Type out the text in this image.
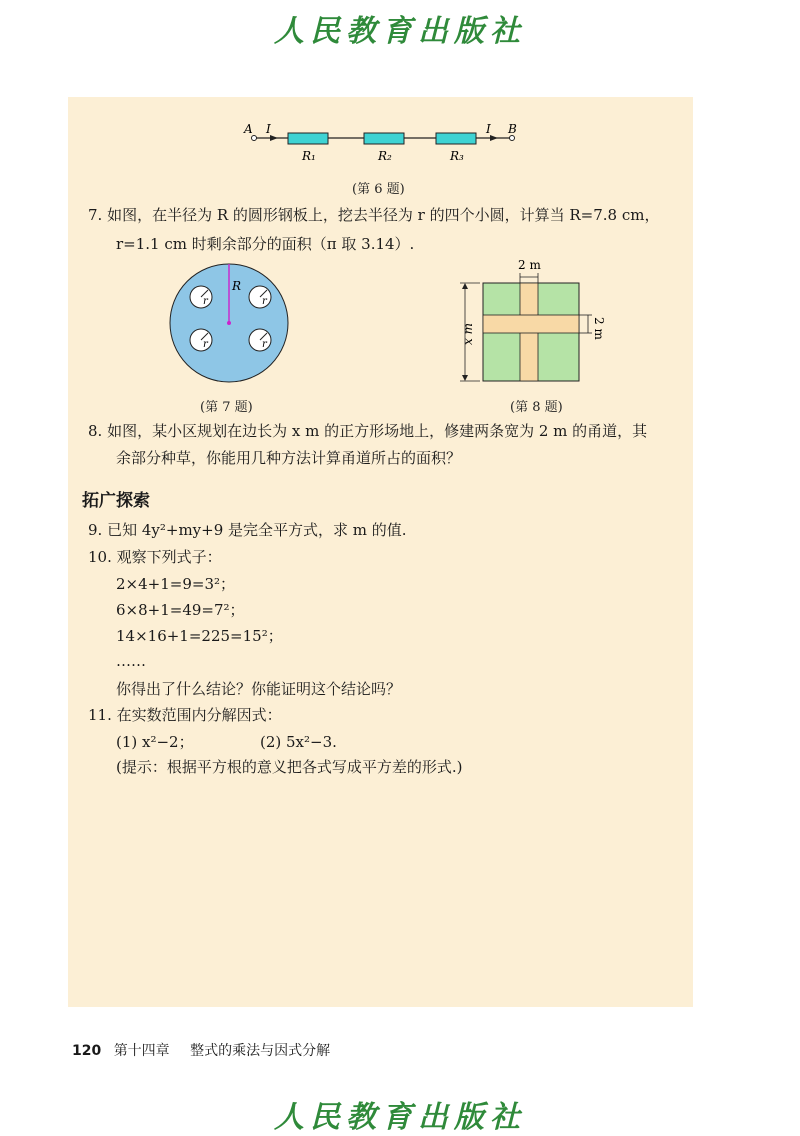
人民教育出版社
A I	I B
R₁	R₂	R₃
(第 6 题)
7. 如图，在半径为 R 的圆形钢板上，挖去半径为 r 的四个小圆，计算当 R=7.8 cm，
r=1.1 cm 时剩余部分的面积（π 取 3.14）.
r	r
r	r
R
(第 7 题)
2 m
2 m
x m
(第 8 题)
8. 如图，某小区规划在边长为 x m 的正方形场地上，修建两条宽为 2 m 的甬道，其
余部分种草，你能用几种方法计算甬道所占的面积？
拓广探索
9. 已知 4y²+my+9 是完全平方式，求 m 的值.
10. 观察下列式子：
2×4+1=9=3²；
6×8+1=49=7²；
14×16+1=225=15²；
……
你得出了什么结论？你能证明这个结论吗？
11. 在实数范围内分解因式：
(1) x²−2；	(2) 5x²−3.
(提示：根据平方根的意义把各式写成平方差的形式.)
120 第十四章 整式的乘法与因式分解
人民教育出版社
